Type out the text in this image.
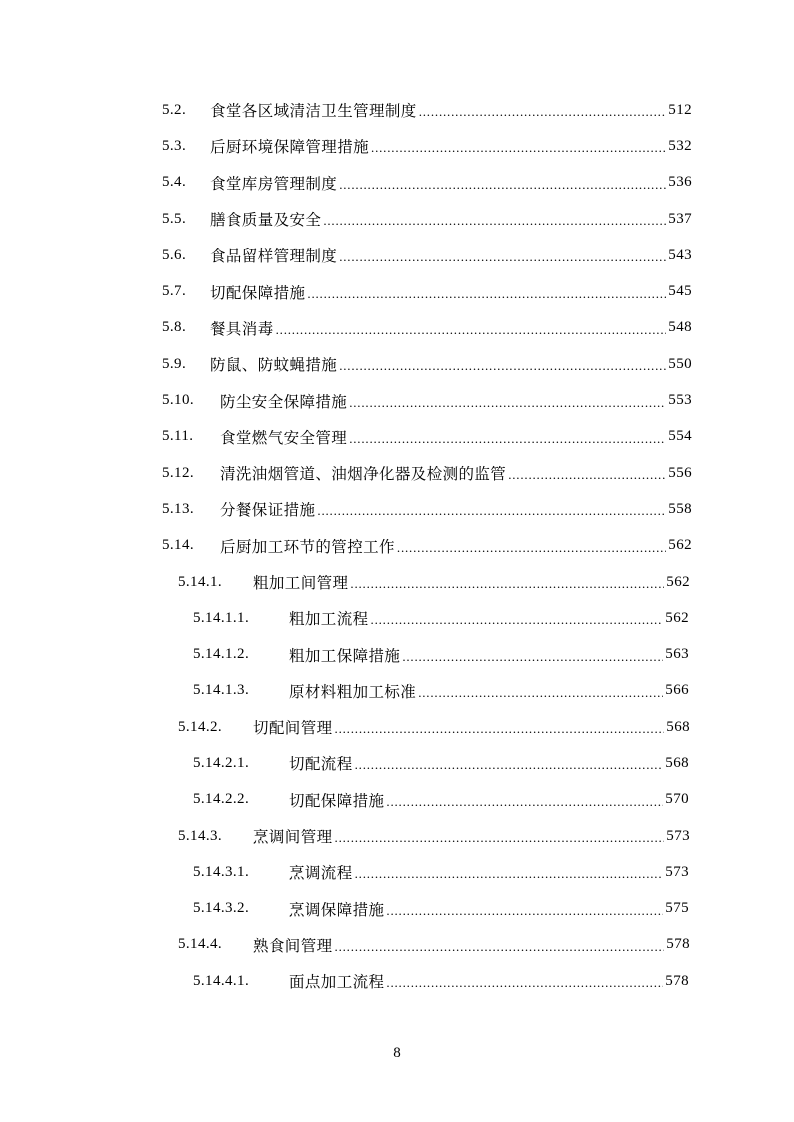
5.2.	食堂各区域清洁卫生管理制度 .....	512
5.3.	后厨环境保障管理措施 .....	532
5.4.	食堂库房管理制度 .....	536
5.5.	膳食质量及安全 .....	537
5.6.	食品留样管理制度 .....	543
5.7.	切配保障措施 .....	545
5.8.	餐具消毒 .....	548
5.9.	防鼠、防蚊蝇措施 .....	550
5.10.	防尘安全保障措施 .....	553
5.11.	食堂燃气安全管理 .....	554
5.12.	清洗油烟管道、油烟净化器及检测的监管 .....	556
5.13.	分餐保证措施 .....	558
5.14.	后厨加工环节的管控工作 .....	562
5.14.1.	粗加工间管理 .....	562
5.14.1.1.	粗加工流程 .....	562
5.14.1.2.	粗加工保障措施 .....	563
5.14.1.3.	原材料粗加工标准 .....	566
5.14.2.	切配间管理 .....	568
5.14.2.1.	切配流程 .....	568
5.14.2.2.	切配保障措施 .....	570
5.14.3.	烹调间管理 .....	573
5.14.3.1.	烹调流程 .....	573
5.14.3.2.	烹调保障措施 .....	575
5.14.4.	熟食间管理 .....	578
5.14.4.1.	面点加工流程 .....	578
8
